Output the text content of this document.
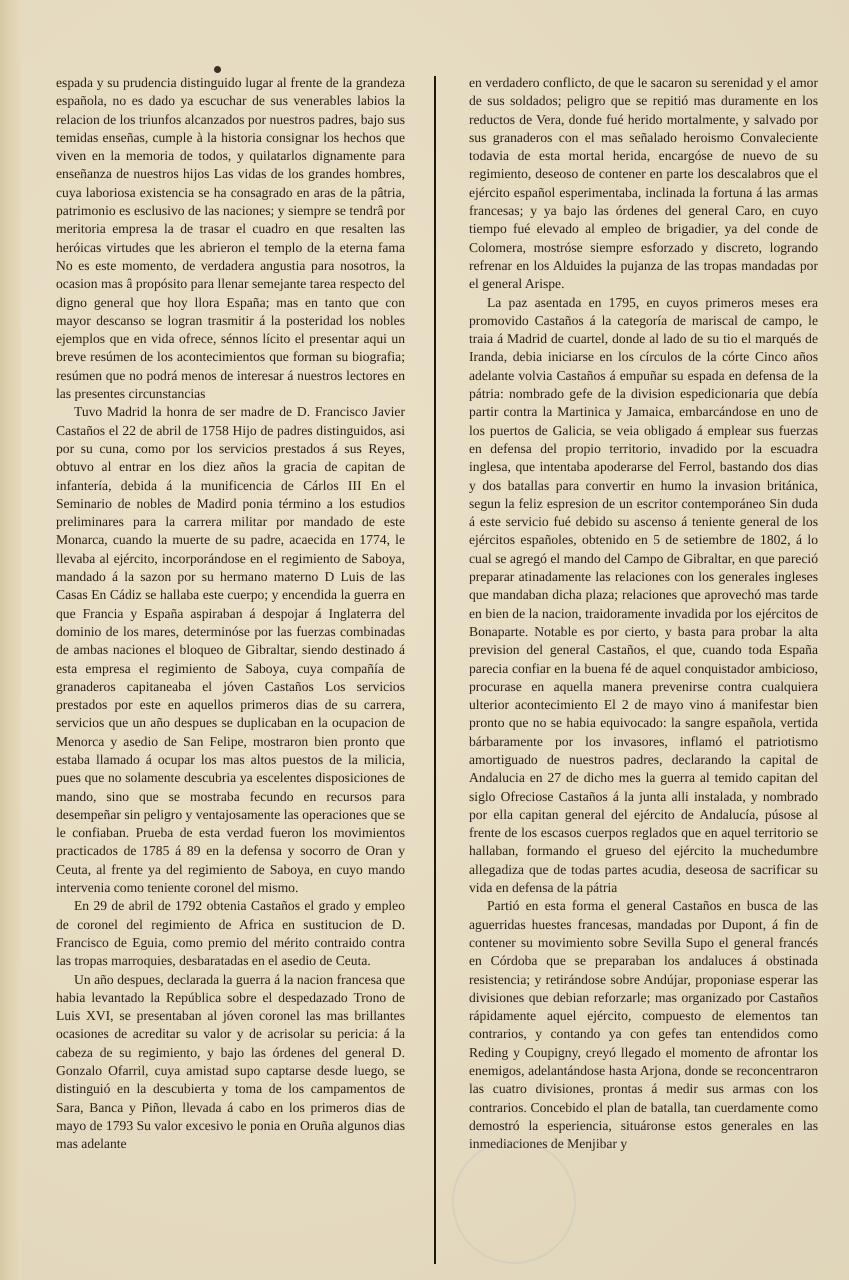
espada y su prudencia distinguido lugar al frente de la grandeza española, no es dado ya escuchar de sus venerables labios la relacion de los triunfos alcanzados por nuestros padres, bajo sus temidas enseñas, cumple à la historia consignar los hechos que viven en la memoria de todos, y quilatarlos dignamente para enseñanza de nuestros hijos Las vidas de los grandes hombres, cuya laboriosa existencia se ha consagrado en aras de la pâtria, patrimonio es esclusivo de las naciones; y siempre se tendrâ por meritoria empresa la de trasar el cuadro en que resalten las heróicas virtudes que les abrieron el templo de la eterna fama No es este momento, de verdadera angustia para nosotros, la ocasion mas â propósito para llenar semejante tarea respecto del digno general que hoy llora España; mas en tanto que con mayor descanso se logran trasmitir á la posteridad los nobles ejemplos que en vida ofrece, sénnos lícito el presentar aqui un breve resúmen de los acontecimientos que forman su biografia; resúmen que no podrá menos de interesar á nuestros lectores en las presentes circunstancias

Tuvo Madrid la honra de ser madre de D. Francisco Javier Castaños el 22 de abril de 1758 Hijo de padres distinguidos, asi por su cuna, como por los servicios prestados á sus Reyes, obtuvo al entrar en los diez años la gracia de capitan de infantería, debida á la munificencia de Cárlos III En el Seminario de nobles de Madird ponia término a los estudios preliminares para la carrera militar por mandado de este Monarca, cuando la muerte de su padre, acaecida en 1774, le llevaba al ejército, incorporándose en el regimiento de Saboya, mandado á la sazon por su hermano materno D Luis de las Casas En Cádiz se hallaba este cuerpo; y encendida la guerra en que Francia y España aspiraban á despojar á Inglaterra del dominio de los mares, determinóse por las fuerzas combinadas de ambas naciones el bloqueo de Gibraltar, siendo destinado á esta empresa el regimiento de Saboya, cuya compañía de granaderos capitaneaba el jóven Castaños Los servicios prestados por este en aquellos primeros dias de su carrera, servicios que un año despues se duplicaban en la ocupacion de Menorca y asedio de San Felipe, mostraron bien pronto que estaba llamado á ocupar los mas altos puestos de la milicia, pues que no solamente descubria ya escelentes disposiciones de mando, sino que se mostraba fecundo en recursos para desempeñar sin peligro y ventajosamente las operaciones que se le confiaban. Prueba de esta verdad fueron los movimientos practicados de 1785 á 89 en la defensa y socorro de Oran y Ceuta, al frente ya del regimiento de Saboya, en cuyo mando intervenia como teniente coronel del mismo.

En 29 de abril de 1792 obtenia Castaños el grado y empleo de coronel del regimiento de Africa en sustitucion de D. Francisco de Eguia, como premio del mérito contraido contra las tropas marroquies, desbaratadas en el asedio de Ceuta.

Un año despues, declarada la guerra á la nacion francesa que habia levantado la República sobre el despedazado Trono de Luis XVI, se presentaban al jóven coronel las mas brillantes ocasiones de acreditar su valor y de acrisolar su pericia: á la cabeza de su regimiento, y bajo las órdenes del general D. Gonzalo Ofarril, cuya amistad supo captarse desde luego, se distinguió en la descubierta y toma de los campamentos de Sara, Banca y Piñon, llevada á cabo en los primeros dias de mayo de 1793 Su valor excesivo le ponia en Oruña algunos dias mas adelante

en verdadero conflicto, de que le sacaron su serenidad y el amor de sus soldados; peligro que se repitió mas duramente en los reductos de Vera, donde fué herido mortalmente, y salvado por sus granaderos con el mas señalado heroismo Convaleciente todavia de esta mortal herida, encargóse de nuevo de su regimiento, deseoso de contener en parte los descalabros que el ejército español esperimentaba, inclinada la fortuna á las armas francesas; y ya bajo las órdenes del general Caro, en cuyo tiempo fué elevado al empleo de brigadier, ya del conde de Colomera, mostróse siempre esforzado y discreto, logrando refrenar en los Alduides la pujanza de las tropas mandadas por el general Arispe.

La paz asentada en 1795, en cuyos primeros meses era promovido Castaños á la categoría de mariscal de campo, le traia á Madrid de cuartel, donde al lado de su tio el marqués de Iranda, debia iniciarse en los círculos de la córte Cinco años adelante volvia Castaños á empuñar su espada en defensa de la pátria: nombrado gefe de la division espedicionaria que debía partir contra la Martinica y Jamaica, embarcándose en uno de los puertos de Galicia, se veia obligado á emplear sus fuerzas en defensa del propio territorio, invadido por la escuadra inglesa, que intentaba apoderarse del Ferrol, bastando dos dias y dos batallas para convertir en humo la invasion británica, segun la feliz espresion de un escritor contemporáneo Sin duda á este servicio fué debido su ascenso á teniente general de los ejércitos españoles, obtenido en 5 de setiembre de 1802, á lo cual se agregó el mando del Campo de Gibraltar, en que pareció preparar atinadamente las relaciones con los generales ingleses que mandaban dicha plaza; relaciones que aprovechó mas tarde en bien de la nacion, traidoramente invadida por los ejércitos de Bonaparte. Notable es por cierto, y basta para probar la alta prevision del general Castaños, el que, cuando toda España parecia confiar en la buena fé de aquel conquistador ambicioso, procurase en aquella manera prevenirse contra cualquiera ulterior acontecimiento El 2 de mayo vino á manifestar bien pronto que no se habia equivocado: la sangre española, vertida bárbaramente por los invasores, inflamó el patriotismo amortiguado de nuestros padres, declarando la capital de Andalucia en 27 de dicho mes la guerra al temido capitan del siglo Ofreciose Castaños á la junta alli instalada, y nombrado por ella capitan general del ejército de Andalucía, púsose al frente de los escasos cuerpos reglados que en aquel territorio se hallaban, formando el grueso del ejército la muchedumbre allegadiza que de todas partes acudia, deseosa de sacrificar su vida en defensa de la pátria

Partió en esta forma el general Castaños en busca de las aguerridas huestes francesas, mandadas por Dupont, á fin de contener su movimiento sobre Sevilla Supo el general francés en Córdoba que se preparaban los andaluces á obstinada resistencia; y retirándose sobre Andújar, proponiase esperar las divisiones que debian reforzarle; mas organizado por Castaños rápidamente aquel ejército, compuesto de elementos tan contrarios, y contando ya con gefes tan entendidos como Reding y Coupigny, creyó llegado el momento de afrontar los enemigos, adelantándose hasta Arjona, donde se reconcentraron las cuatro divisiones, prontas á medir sus armas con los contrarios. Concebido el plan de batalla, tan cuerdamente como demostró la esperiencia, situáronse estos generales en las inmediaciones de Menjibar y
